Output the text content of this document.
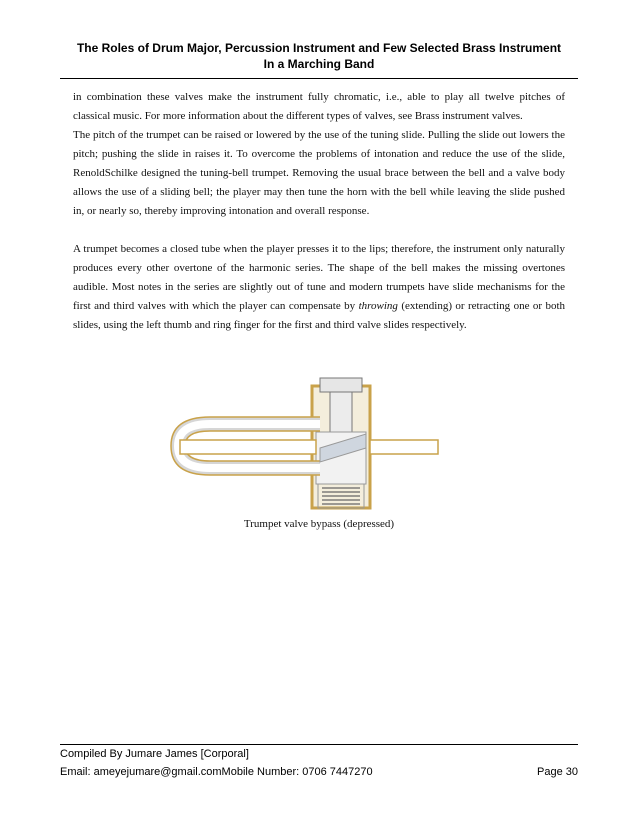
The Roles of Drum Major, Percussion Instrument and Few Selected Brass Instrument
In a Marching Band
in combination these valves make the instrument fully chromatic, i.e., able to play all twelve pitches of classical music. For more information about the different types of valves, see Brass instrument valves.
The pitch of the trumpet can be raised or lowered by the use of the tuning slide. Pulling the slide out lowers the pitch; pushing the slide in raises it. To overcome the problems of intonation and reduce the use of the slide, RenoldSchilke designed the tuning-bell trumpet. Removing the usual brace between the bell and a valve body allows the use of a sliding bell; the player may then tune the horn with the bell while leaving the slide pushed in, or nearly so, thereby improving intonation and overall response.

A trumpet becomes a closed tube when the player presses it to the lips; therefore, the instrument only naturally produces every other overtone of the harmonic series. The shape of the bell makes the missing overtones audible. Most notes in the series are slightly out of tune and modern trumpets have slide mechanisms for the first and third valves with which the player can compensate by throwing (extending) or retracting one or both slides, using the left thumb and ring finger for the first and third valve slides respectively.

Trumpet valve bypass (depressed)
Compiled By Jumare James [Corporal]
Email: ameyejumare@gmail.comMobile Number: 0706 7447270	Page 30
